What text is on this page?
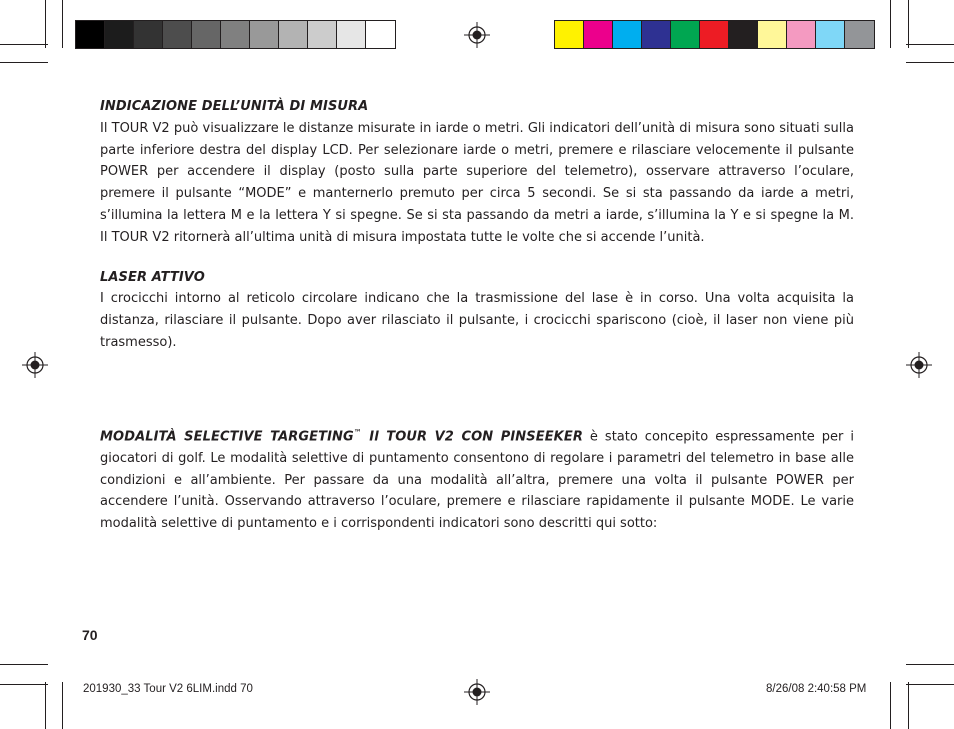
INDICAZIONE DELL’UNITÀ DI MISURA

Il TOUR V2 può visualizzare le distanze misurate in iarde o metri. Gli indicatori dell’unità di misura sono situati sulla parte inferiore destra del display LCD. Per selezionare iarde o metri, premere e rilasciare velocemente il pulsante POWER per accendere il display (posto sulla parte superiore del telemetro), osservare attraverso l’oculare, premere il pulsante “MODE” e manternerlo premuto per circa 5 secondi. Se si sta passando da iarde a metri, s’illumina la lettera M e la lettera Y si spegne. Se si sta passando da metri a iarde, s’illumina la Y e si spegne la M. Il TOUR V2 ritornerà all’ultima unità di misura impostata tutte le volte che si accende l’unità.

LASER ATTIVO

I crocicchi intorno al reticolo circolare indicano che la trasmissione del lase è in corso. Una volta acquisita la distanza, rilasciare il pulsante. Dopo aver rilasciato il pulsante, i crocicchi spariscono (cioè, il laser non viene più trasmesso).

MODALITÀ SELECTIVE TARGETING™ Il TOUR V2 CON PINSEEKER è stato concepito espressamente per i giocatori di golf. Le modalità selettive di puntamento consentono di regolare i parametri del telemetro in base alle condizioni e all’ambiente. Per passare da una modalità all’altra, premere una volta il pulsante POWER per accendere l’unità. Osservando attraverso l’oculare, premere e rilasciare rapidamente il pulsante MODE. Le varie modalità selettive di puntamento e i corrispondenti indicatori sono descritti qui sotto:

70
201930_33 Tour V2 6LIM.indd 70	8/26/08 2:40:58 PM
